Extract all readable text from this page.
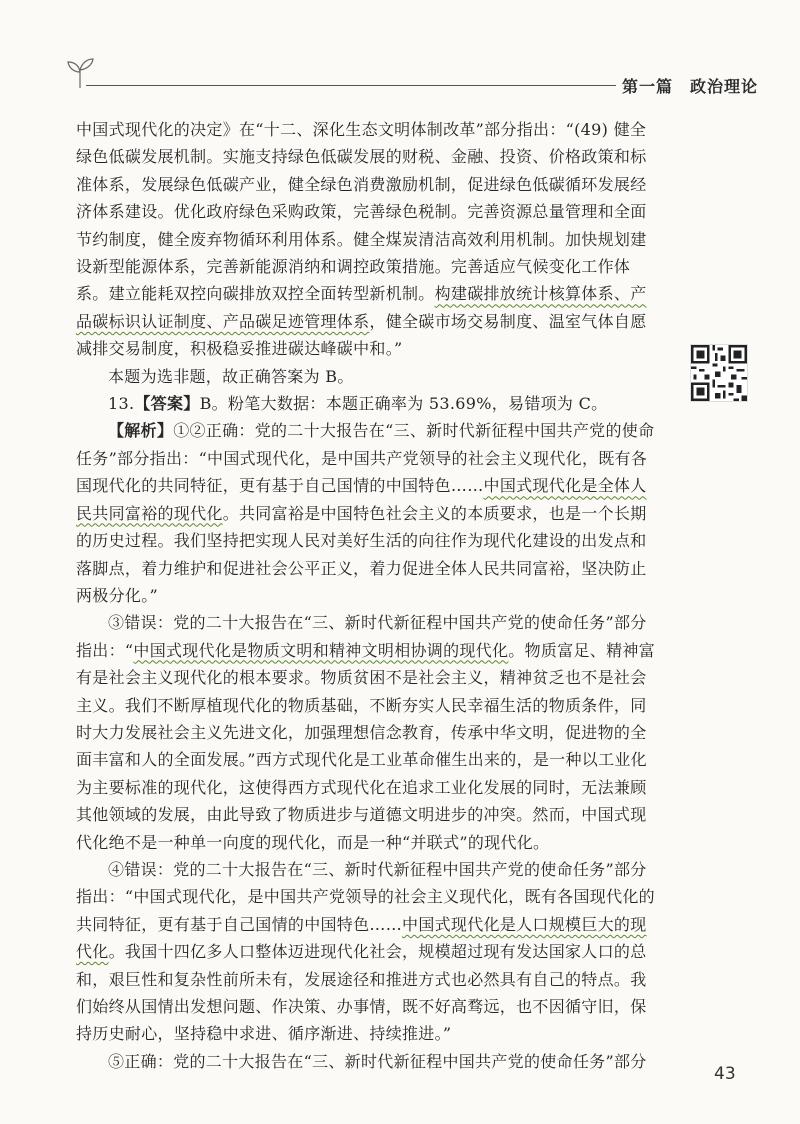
第一篇　政治理论

中国式现代化的决定》在“十二、深化生态文明体制改革”部分指出：“(49) 健全绿色低碳发展机制。实施支持绿色低碳发展的财税、金融、投资、价格政策和标准体系，发展绿色低碳产业，健全绿色消费激励机制，促进绿色低碳循环发展经济体系建设。优化政府绿色采购政策，完善绿色税制。完善资源总量管理和全面节约制度，健全废弃物循环利用体系。健全煤炭清洁高效利用机制。加快规划建设新型能源体系，完善新能源消纳和调控政策措施。完善适应气候变化工作体系。建立能耗双控向碳排放双控全面转型新机制。构建碳排放统计核算体系、产品碳标识认证制度、产品碳足迹管理体系，健全碳市场交易制度、温室气体自愿减排交易制度，积极稳妥推进碳达峰碳中和。”

本题为选非题，故正确答案为 B。

13.【答案】B。粉笔大数据：本题正确率为 53.69%，易错项为 C。

【解析】①②正确：党的二十大报告在“三、新时代新征程中国共产党的使命任务”部分指出：“中国式现代化，是中国共产党领导的社会主义现代化，既有各国现代化的共同特征，更有基于自己国情的中国特色……中国式现代化是全体人民共同富裕的现代化。共同富裕是中国特色社会主义的本质要求，也是一个长期的历史过程。我们坚持把实现人民对美好生活的向往作为现代化建设的出发点和落脚点，着力维护和促进社会公平正义，着力促进全体人民共同富裕，坚决防止两极分化。”

③错误：党的二十大报告在“三、新时代新征程中国共产党的使命任务”部分指出：“中国式现代化是物质文明和精神文明相协调的现代化。物质富足、精神富有是社会主义现代化的根本要求。物质贫困不是社会主义，精神贫乏也不是社会主义。我们不断厚植现代化的物质基础，不断夯实人民幸福生活的物质条件，同时大力发展社会主义先进文化，加强理想信念教育，传承中华文明，促进物的全面丰富和人的全面发展。”西方式现代化是工业革命催生出来的，是一种以工业化为主要标准的现代化，这使得西方式现代化在追求工业化发展的同时，无法兼顾其他领域的发展，由此导致了物质进步与道德文明进步的冲突。然而，中国式现代化绝不是一种单一向度的现代化，而是一种“并联式”的现代化。

④错误：党的二十大报告在“三、新时代新征程中国共产党的使命任务”部分指出：“中国式现代化，是中国共产党领导的社会主义现代化，既有各国现代化的共同特征，更有基于自己国情的中国特色……中国式现代化是人口规模巨大的现代化。我国十四亿多人口整体迈进现代化社会，规模超过现有发达国家人口的总和，艰巨性和复杂性前所未有，发展途径和推进方式也必然具有自己的特点。我们始终从国情出发想问题、作决策、办事情，既不好高骛远，也不因循守旧，保持历史耐心，坚持稳中求进、循序渐进、持续推进。”

⑤正确：党的二十大报告在“三、新时代新征程中国共产党的使命任务”部分

43
